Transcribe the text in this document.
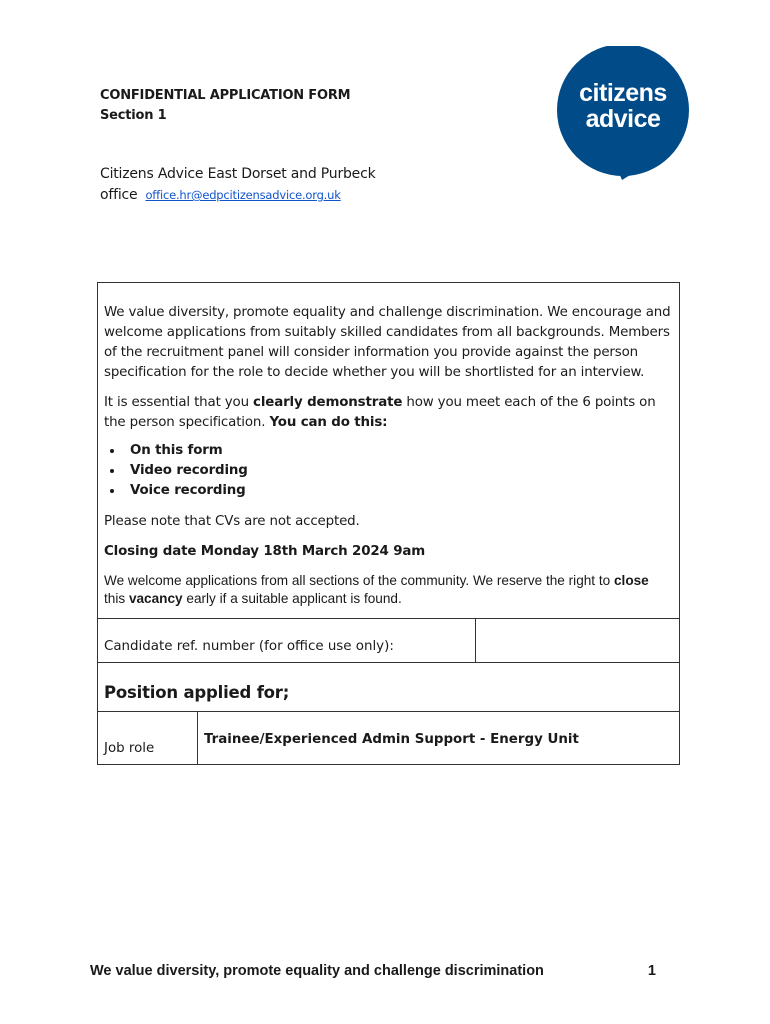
CONFIDENTIAL APPLICATION FORM
Section 1
Citizens Advice East Dorset and Purbeck
office office.hr@edpcitizensadvice.org.uk
citizens
advice

We value diversity, promote equality and challenge discrimination. We encourage and welcome applications from suitably skilled candidates from all backgrounds. Members of the recruitment panel will consider information you provide against the person specification for the role to decide whether you will be shortlisted for an interview.

It is essential that you clearly demonstrate how you meet each of the 6 points on the person specification. You can do this:

• On this form
• Video recording
• Voice recording

Please note that CVs are not accepted.

Closing date Monday 18th March 2024 9am

We welcome applications from all sections of the community. We reserve the right to close this vacancy early if a suitable applicant is found.

Candidate ref. number (for office use only):
Position applied for;
Job role
Trainee/Experienced Admin Support - Energy Unit
We value diversity, promote equality and challenge discrimination	1
